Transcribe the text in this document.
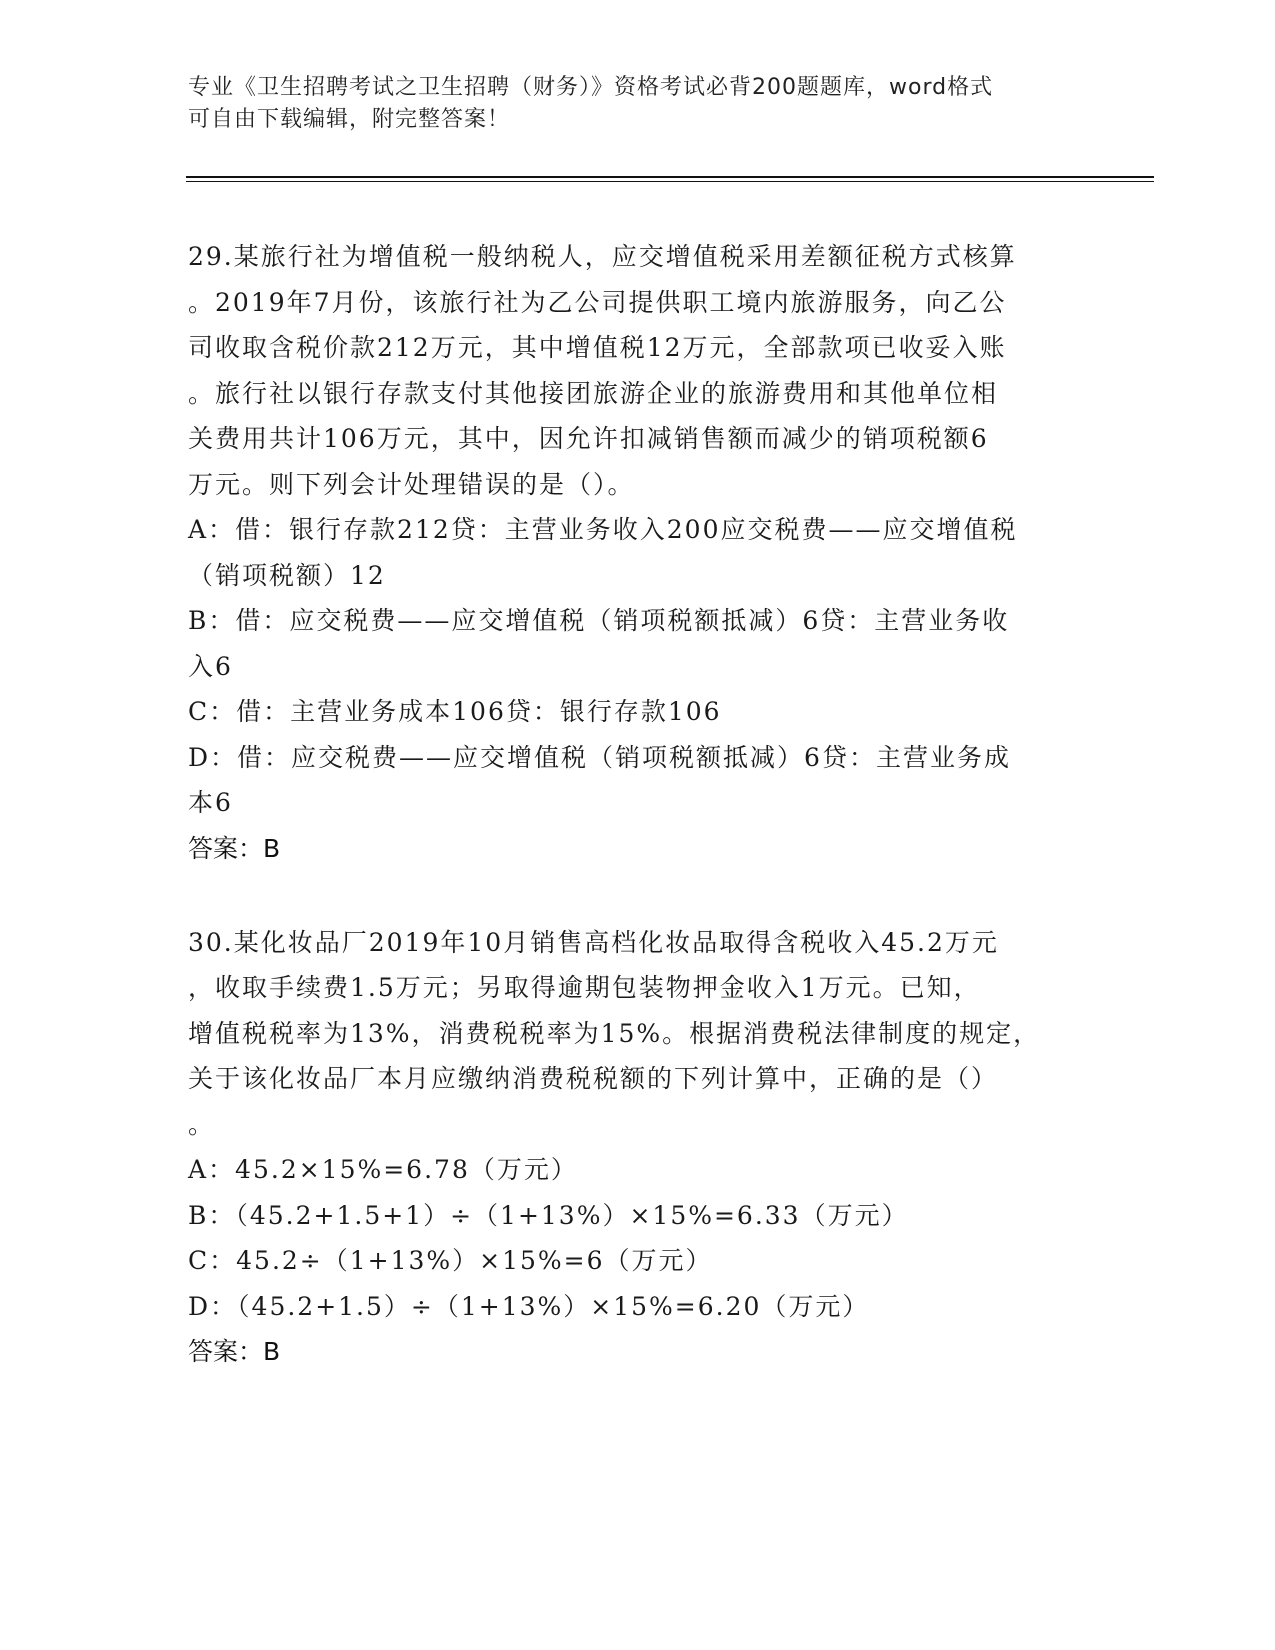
专业《卫生招聘考试之卫生招聘（财务）》资格考试必背200题题库，word格式

可自由下载编辑，附完整答案！

29.某旅行社为增值税一般纳税人，应交增值税采用差额征税方式核算

。2019年7月份，该旅行社为乙公司提供职工境内旅游服务，向乙公

司收取含税价款212万元，其中增值税12万元，全部款项已收妥入账

。旅行社以银行存款支付其他接团旅游企业的旅游费用和其他单位相

关费用共计106万元，其中，因允许扣减销售额而减少的销项税额6

万元。则下列会计处理错误的是（）。

A：借：银行存款212贷：主营业务收入200应交税费——应交增值税

（销项税额）12

B：借：应交税费——应交增值税（销项税额抵减）6贷：主营业务收

入6

C：借：主营业务成本106贷：银行存款106

D：借：应交税费——应交增值税（销项税额抵减）6贷：主营业务成

本6

答案：B

30.某化妆品厂2019年10月销售高档化妆品取得含税收入45.2万元

，收取手续费1.5万元；另取得逾期包装物押金收入1万元。已知，

增值税税率为13%，消费税税率为15%。根据消费税法律制度的规定，

关于该化妆品厂本月应缴纳消费税税额的下列计算中，正确的是（）

。

A：45.2×15%=6.78（万元）

B：（45.2+1.5+1）÷（1+13%）×15%=6.33（万元）

C：45.2÷（1+13%）×15%=6（万元）

D：（45.2+1.5）÷（1+13%）×15%=6.20（万元）

答案：B
